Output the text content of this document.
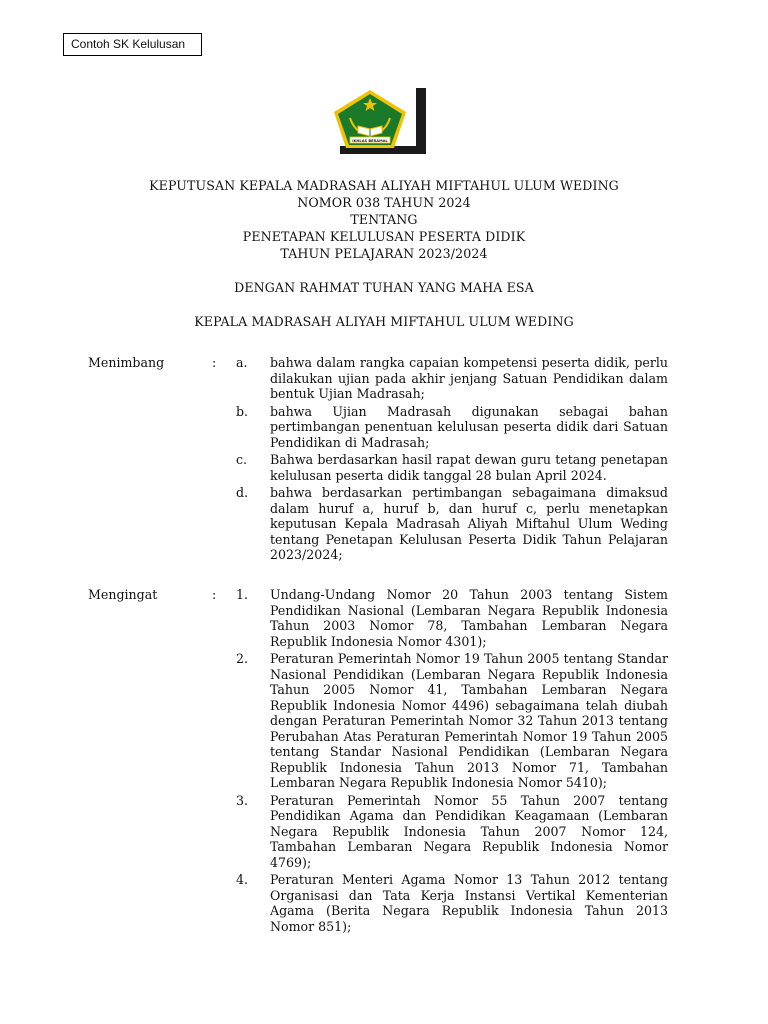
Contoh SK Kelulusan
IKHLAS BERAMAL
KEPUTUSAN KEPALA MADRASAH ALIYAH MIFTAHUL ULUM WEDING
NOMOR 038 TAHUN 2024
TENTANG
PENETAPAN KELULUSAN PESERTA DIDIK
TAHUN PELAJARAN 2023/2024
DENGAN RAHMAT TUHAN YANG MAHA ESA
KEPALA MADRASAH ALIYAH MIFTAHUL ULUM WEDING
Menimbang	: a. bahwa dalam rangka capaian kompetensi peserta didik, perlu dilakukan ujian pada akhir jenjang Satuan Pendidikan dalam bentuk Ujian Madrasah;
b. bahwa Ujian Madrasah digunakan sebagai bahan pertimbangan penentuan kelulusan peserta didik dari Satuan Pendidikan di Madrasah;
c. Bahwa berdasarkan hasil rapat dewan guru tetang penetapan kelulusan peserta didik tanggal 28 bulan April 2024.
d. bahwa berdasarkan pertimbangan sebagaimana dimaksud dalam huruf a, huruf b, dan huruf c, perlu menetapkan keputusan Kepala Madrasah Aliyah Miftahul Ulum Weding tentang Penetapan Kelulusan Peserta Didik Tahun Pelajaran 2023/2024;
Mengingat	: 1. Undang-Undang Nomor 20 Tahun 2003 tentang Sistem Pendidikan Nasional (Lembaran Negara Republik Indonesia Tahun 2003 Nomor 78, Tambahan Lembaran Negara Republik Indonesia Nomor 4301);
2. Peraturan Pemerintah Nomor 19 Tahun 2005 tentang Standar Nasional Pendidikan (Lembaran Negara Republik Indonesia Tahun 2005 Nomor 41, Tambahan Lembaran Negara Republik Indonesia Nomor 4496) sebagaimana telah diubah dengan Peraturan Pemerintah Nomor 32 Tahun 2013 tentang Perubahan Atas Peraturan Pemerintah Nomor 19 Tahun 2005 tentang Standar Nasional Pendidikan (Lembaran Negara Republik Indonesia Tahun 2013 Nomor 71, Tambahan Lembaran Negara Republik Indonesia Nomor 5410);
3. Peraturan Pemerintah Nomor 55 Tahun 2007 tentang Pendidikan Agama dan Pendidikan Keagamaan (Lembaran Negara Republik Indonesia Tahun 2007 Nomor 124, Tambahan Lembaran Negara Republik Indonesia Nomor 4769);
4. Peraturan Menteri Agama Nomor 13 Tahun 2012 tentang Organisasi dan Tata Kerja Instansi Vertikal Kementerian Agama (Berita Negara Republik Indonesia Tahun 2013 Nomor 851);
